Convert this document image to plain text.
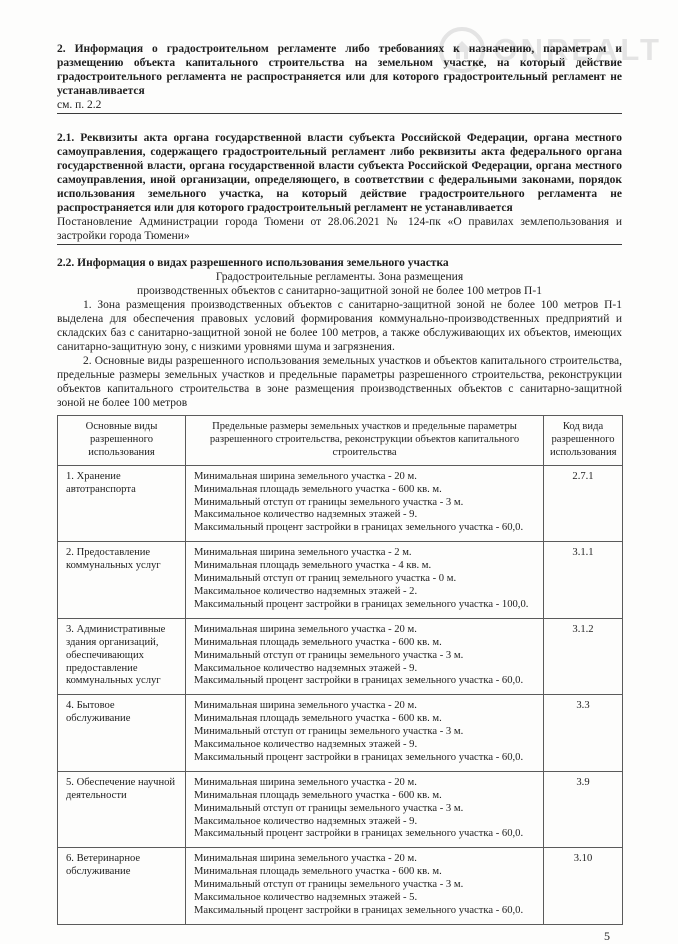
ONREALT

2. Информация о градостроительном регламенте либо требованиях к назначению, параметрам и размещению объекта капитального строительства на земельном участке, на который действие градостроительного регламента не распространяется или для которого градостроительный регламент не устанавливается

см. п. 2.2

2.1. Реквизиты акта органа государственной власти субъекта Российской Федерации, органа местного самоуправления, содержащего градостроительный регламент либо реквизиты акта федерального органа государственной власти, органа государственной власти субъекта Российской Федерации, органа местного самоуправления, иной организации, определяющего, в соответствии с федеральными законами, порядок использования земельного участка, на который действие градостроительного регламента не распространяется или для которого градостроительный регламент не устанавливается

Постановление Администрации города Тюмени от 28.06.2021 № 124-пк «О правилах землепользования и застройки города Тюмени»

2.2. Информация о видах разрешенного использования земельного участка

Градостроительные регламенты. Зона размещения

производственных объектов с санитарно-защитной зоной не более 100 метров П-1

1. Зона размещения производственных объектов с санитарно-защитной зоной не более 100 метров П-1 выделена для обеспечения правовых условий формирования коммунально-производственных предприятий и складских баз с санитарно-защитной зоной не более 100 метров, а также обслуживающих их объектов, имеющих санитарно-защитную зону, с низкими уровнями шума и загрязнения.

2. Основные виды разрешенного использования земельных участков и объектов капитального строительства, предельные размеры земельных участков и предельные параметры разрешенного строительства, реконструкции объектов капитального строительства в зоне размещения производственных объектов с санитарно-защитной зоной не более 100 метров

Основные виды разрешенного использования	Предельные размеры земельных участков и предельные параметры разрешенного строительства, реконструкции объектов капитального строительства	Код вида разрешенного использования
1. Хранение автотранспорта	Минимальная ширина земельного участка - 20 м.
Минимальная площадь земельного участка - 600 кв. м.
Минимальный отступ от границы земельного участка - 3 м.
Максимальное количество надземных этажей - 9.
Максимальный процент застройки в границах земельного участка - 60,0.	2.7.1
2. Предоставление коммунальных услуг	Минимальная ширина земельного участка - 2 м.
Минимальная площадь земельного участка - 4 кв. м.
Минимальный отступ от границ земельного участка - 0 м.
Максимальное количество надземных этажей - 2.
Максимальный процент застройки в границах земельного участка - 100,0.	3.1.1
3. Административные здания организаций, обеспечивающих предоставление коммунальных услуг	Минимальная ширина земельного участка - 20 м.
Минимальная площадь земельного участка - 600 кв. м.
Минимальный отступ от границы земельного участка - 3 м.
Максимальное количество надземных этажей - 9.
Максимальный процент застройки в границах земельного участка - 60,0.	3.1.2
4. Бытовое обслуживание	Минимальная ширина земельного участка - 20 м.
Минимальная площадь земельного участка - 600 кв. м.
Минимальный отступ от границы земельного участка - 3 м.
Максимальное количество надземных этажей - 9.
Максимальный процент застройки в границах земельного участка - 60,0.	3.3
5. Обеспечение научной деятельности	Минимальная ширина земельного участка - 20 м.
Минимальная площадь земельного участка - 600 кв. м.
Минимальный отступ от границы земельного участка - 3 м.
Максимальное количество надземных этажей - 9.
Максимальный процент застройки в границах земельного участка - 60,0.	3.9
6. Ветеринарное обслуживание	Минимальная ширина земельного участка - 20 м.
Минимальная площадь земельного участка - 600 кв. м.
Минимальный отступ от границы земельного участка - 3 м.
Максимальное количество надземных этажей - 5.
Максимальный процент застройки в границах земельного участка - 60,0.	3.10
5
